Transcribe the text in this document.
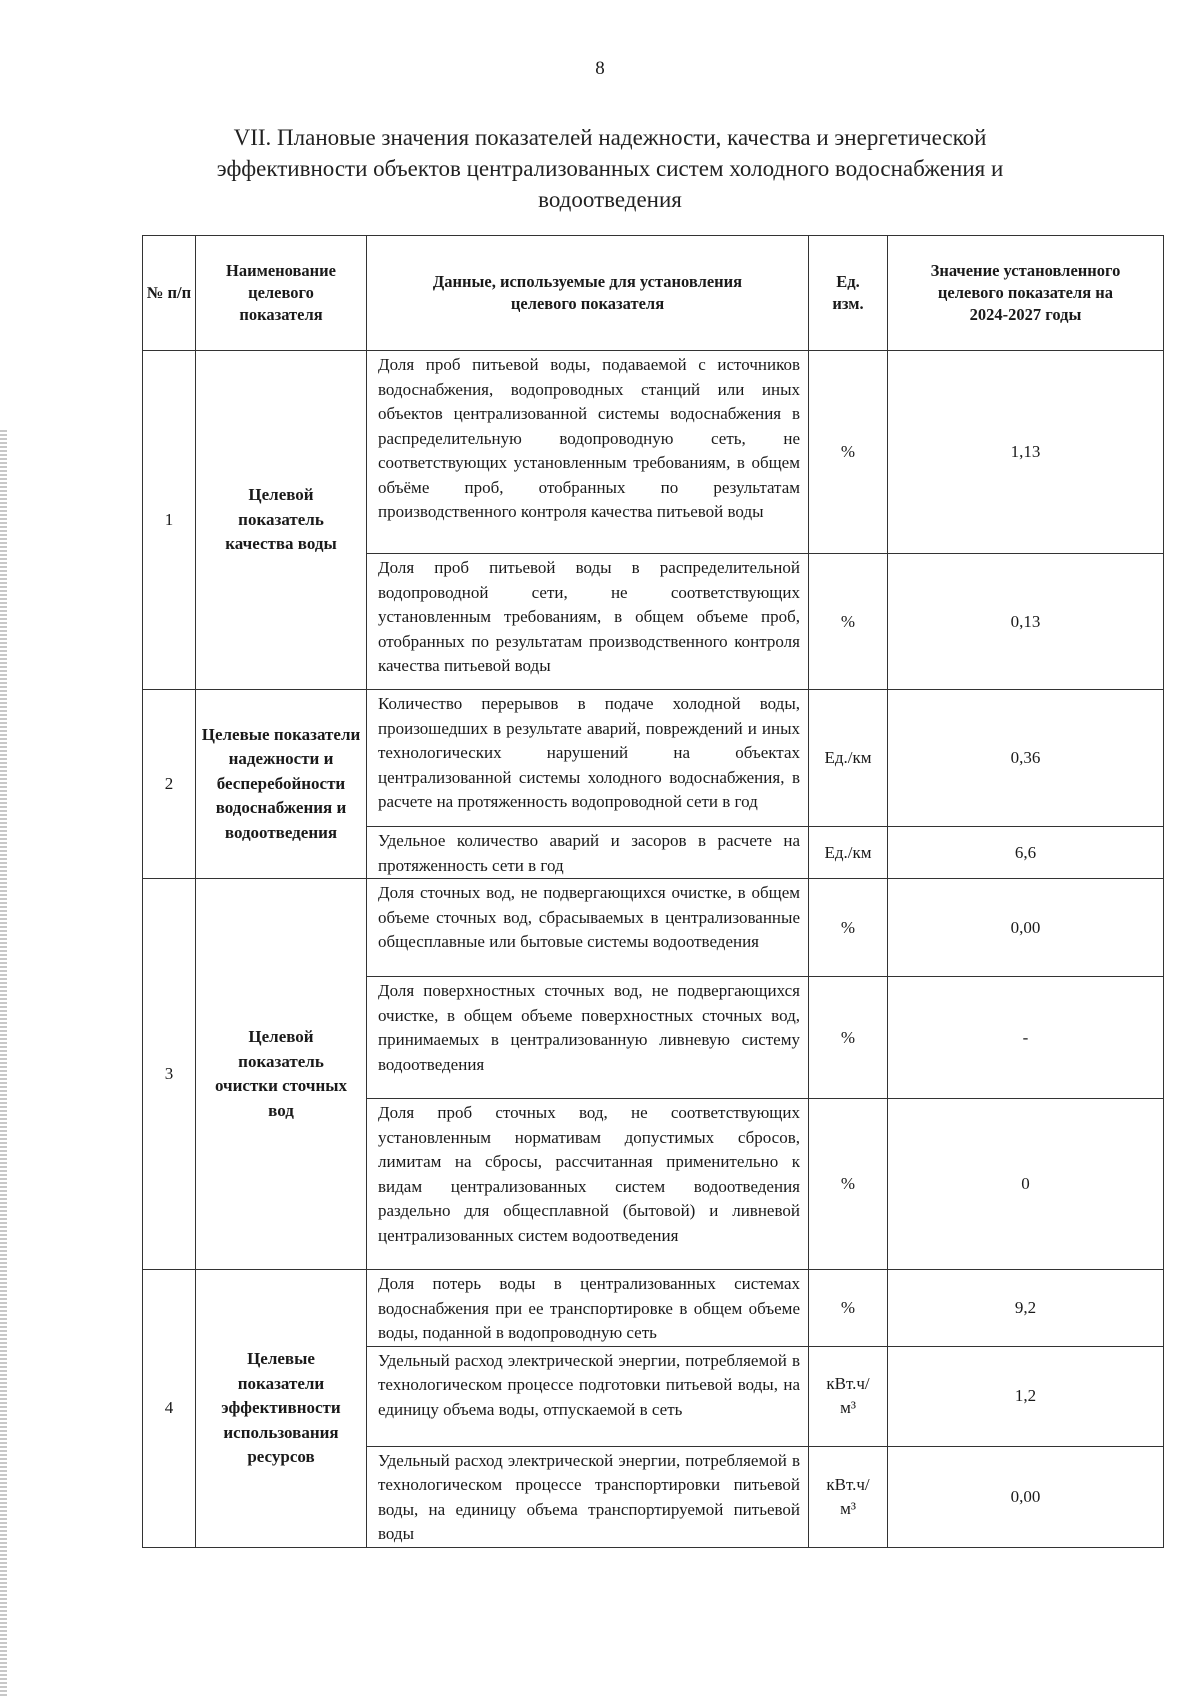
8
VII. Плановые значения показателей надежности, качества и энергетической
эффективности объектов централизованных систем холодного водоснабжения и
водоотведения
№ п/п	Наименование целевого показателя	Данные, используемые для установления целевого показателя	Ед. изм.	Значение установленного целевого показателя на 2024-2027 годы
1	Целевой показатель качества воды	Доля проб питьевой воды, подаваемой с источников водоснабжения, водопроводных станций или иных объектов централизованной системы водоснабжения в распределительную водопроводную сеть, не соответствующих установленным требованиям, в общем объёме проб, отобранных по результатам производственного контроля качества питьевой воды	%	1,13
		Доля проб питьевой воды в распределительной водопроводной сети, не соответствующих установленным требованиям, в общем объеме проб, отобранных по результатам производственного контроля качества питьевой воды	%	0,13
2	Целевые показатели надежности и бесперебойности водоснабжения и водоотведения	Количество перерывов в подаче холодной воды, произошедших в результате аварий, повреждений и иных технологических нарушений на объектах централизованной системы холодного водоснабжения, в расчете на протяженность водопроводной сети в год	Ед./км	0,36
		Удельное количество аварий и засоров в расчете на протяженность сети в год	Ед./км	6,6
3	Целевой показатель очистки сточных вод	Доля сточных вод, не подвергающихся очистке, в общем объеме сточных вод, сбрасываемых в централизованные общесплавные или бытовые системы водоотведения	%	0,00
		Доля поверхностных сточных вод, не подвергающихся очистке, в общем объеме поверхностных сточных вод, принимаемых в централизованную ливневую систему водоотведения	%	-
		Доля проб сточных вод, не соответствующих установленным нормативам допустимых сбросов, лимитам на сбросы, рассчитанная применительно к видам централизованных систем водоотведения раздельно для общесплавной (бытовой) и ливневой централизованных систем водоотведения	%	0
4	Целевые показатели эффективности использования ресурсов	Доля потерь воды в централизованных системах водоснабжения при ее транспортировке в общем объеме воды, поданной в водопроводную сеть	%	9,2
		Удельный расход электрической энергии, потребляемой в технологическом процессе подготовки питьевой воды, на единицу объема воды, отпускаемой в сеть	кВт.ч/м³	1,2
		Удельный расход электрической энергии, потребляемой в технологическом процессе транспортировки питьевой воды, на единицу объема транспортируемой питьевой воды	кВт.ч/м³	0,00
